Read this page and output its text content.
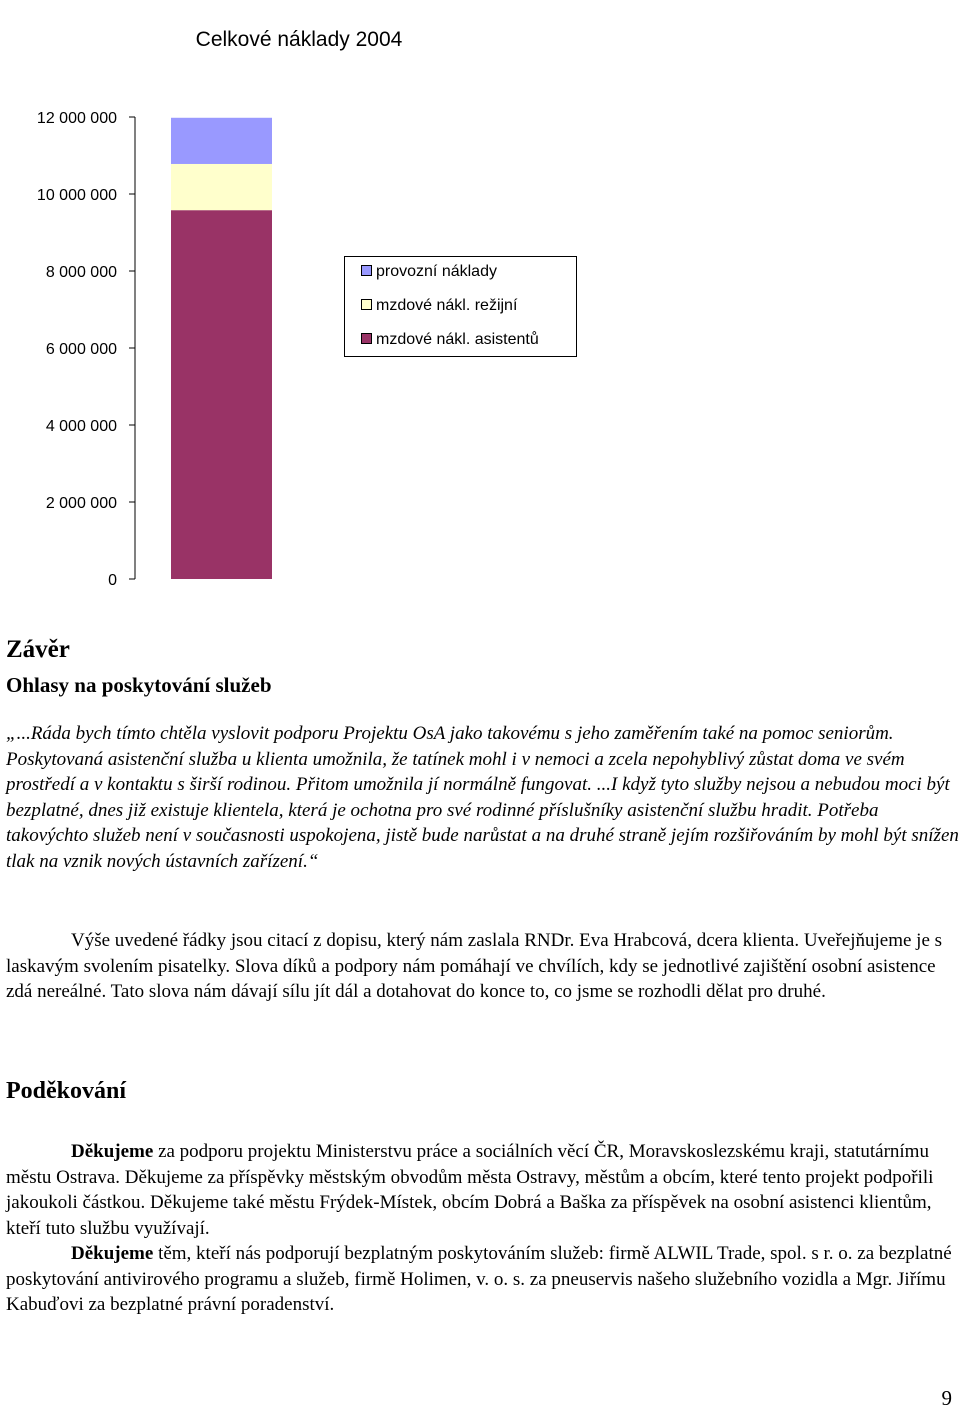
Celkové náklady 2004
0
2 000 000
4 000 000
6 000 000
8 000 000
10 000 000
12 000 000
provozní náklady
mzdové nákl. režijní
mzdové nákl. asistentů
Závěr
Ohlasy na poskytování služeb

„...Ráda bych tímto chtěla vyslovit podporu Projektu OsA jako takovému s jeho zaměřením také na pomoc seniorům. Poskytovaná asistenční služba u klienta umožnila, že tatínek mohl i v nemoci a zcela nepohyblivý zůstat doma ve svém prostředí a v kontaktu s širší rodinou. Přitom umožnila jí normálně fungovat. ...I když tyto služby nejsou a nebudou moci být bezplatné, dnes již existuje klientela, která je ochotna pro své rodinné příslušníky asistenční službu hradit. Potřeba takovýchto služeb není v současnosti uspokojena, jistě bude narůstat a na druhé straně jejím rozšiřováním by mohl být snížen tlak na vznik nových ústavních zařízení.“

Výše uvedené řádky jsou citací z dopisu, který nám zaslala RNDr. Eva Hrabcová, dcera klienta. Uveřejňujeme je s laskavým svolením pisatelky. Slova díků a podpory nám pomáhají ve chvílích, kdy se jednotlivé zajištění osobní asistence zdá nereálné. Tato slova nám dávají sílu jít dál a dotahovat do konce to, co jsme se rozhodli dělat pro druhé.

Poděkování

Děkujeme za podporu projektu Ministerstvu práce a sociálních věcí ČR, Moravskoslezskému kraji, statutárnímu městu Ostrava. Děkujeme za příspěvky městským obvodům města Ostravy, městům a obcím, které tento projekt podpořili jakoukoli částkou. Děkujeme také městu Frýdek-Místek, obcím Dobrá a Baška za příspěvek na osobní asistenci klientům, kteří tuto službu využívají.

Děkujeme těm, kteří nás podporují bezplatným poskytováním služeb: firmě ALWIL Trade, spol. s r. o. za bezplatné poskytování antivirového programu a služeb, firmě Holimen, v. o. s. za pneuservis našeho služebního vozidla a Mgr. Jiřímu Kabuďovi za bezplatné právní poradenství.

9
